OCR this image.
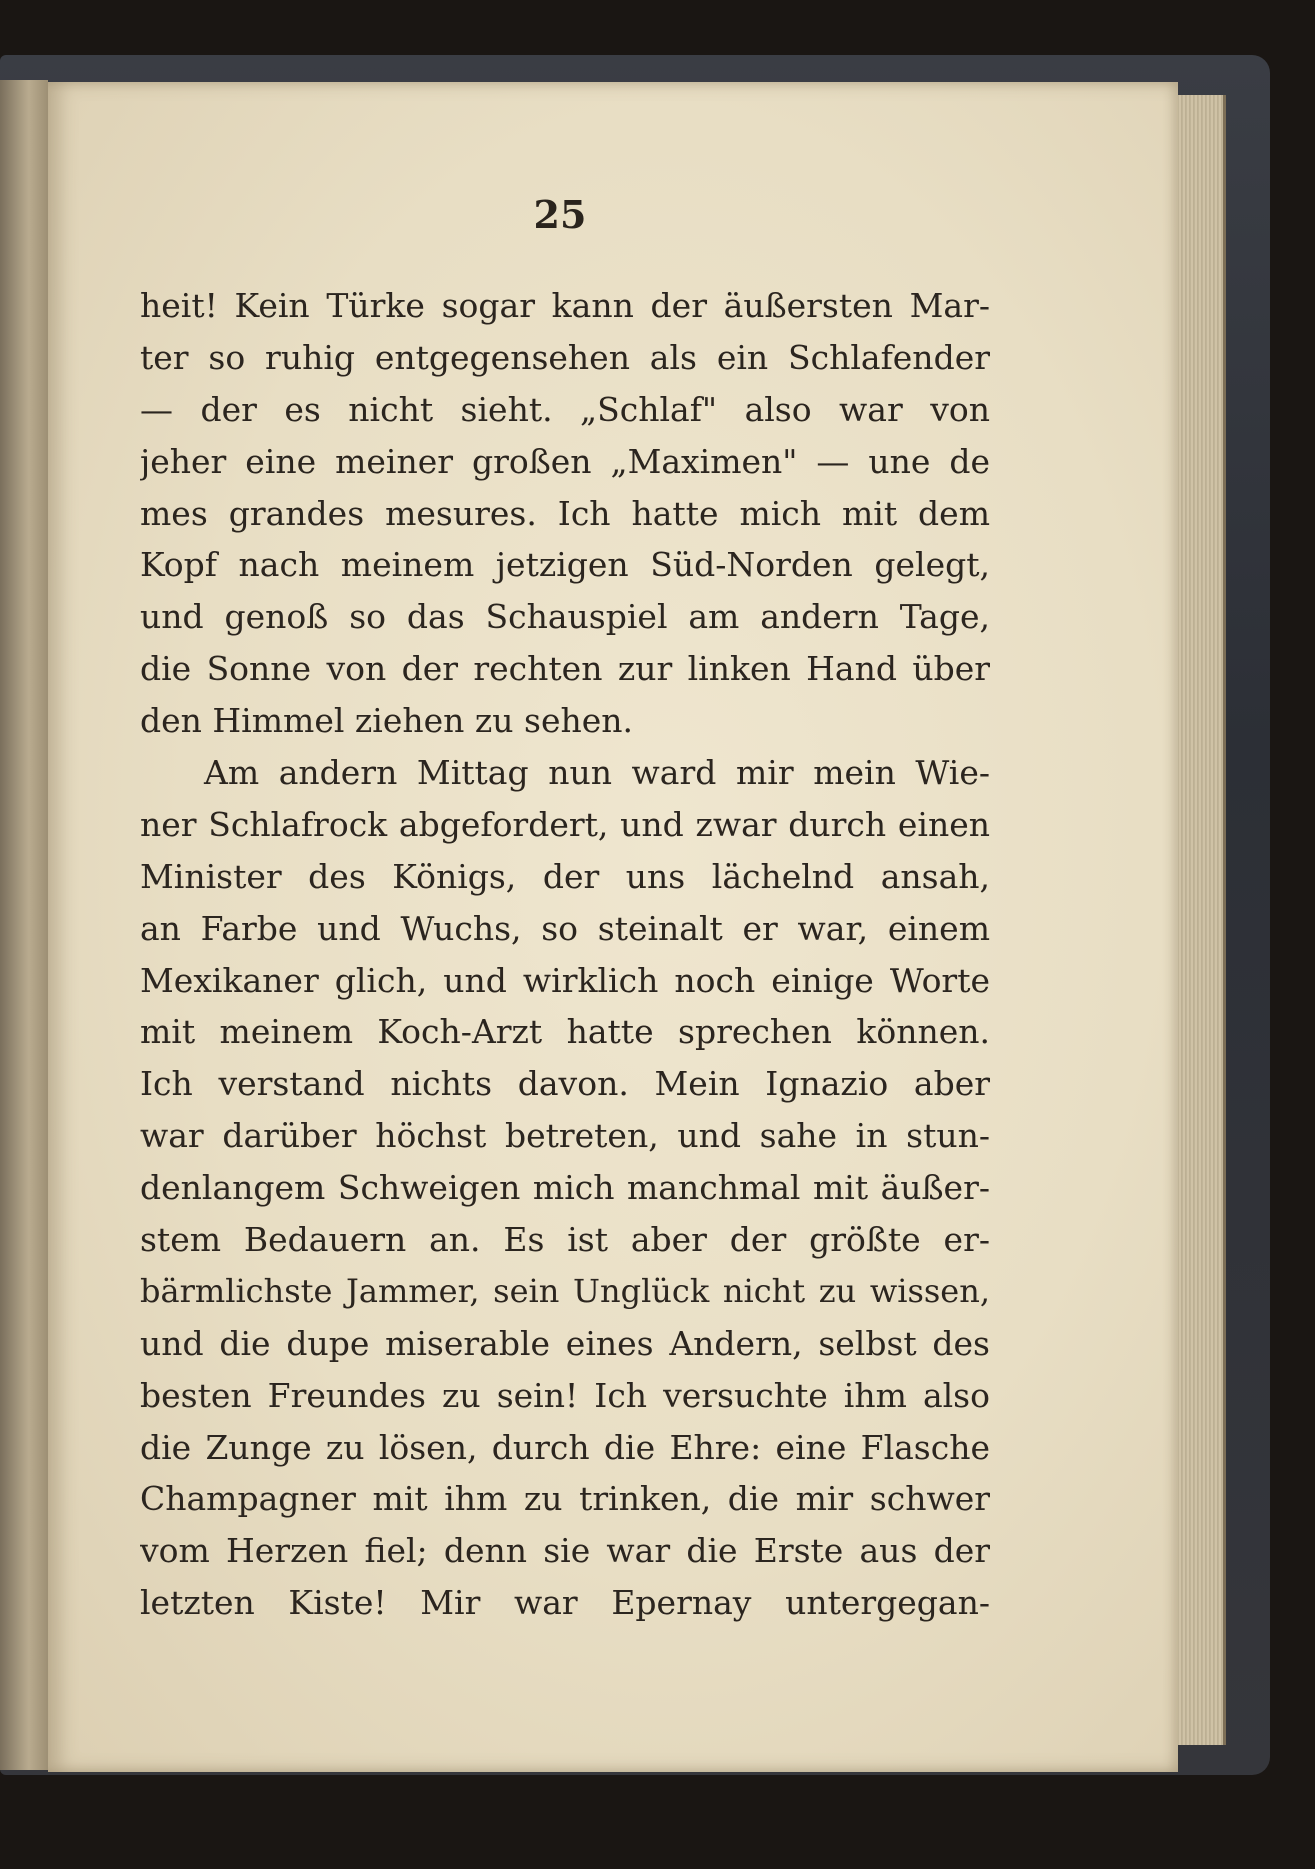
25
heit! Kein Türke sogar kann der äußersten Mar-
ter so ruhig entgegensehen als ein Schlafender
— der es nicht sieht. „Schlaf" also war von
jeher eine meiner großen „Maximen" — une de
mes grandes mesures. Ich hatte mich mit dem
Kopf nach meinem jetzigen Süd-Norden gelegt,
und genoß so das Schauspiel am andern Tage,
die Sonne von der rechten zur linken Hand über
den Himmel ziehen zu sehen.
Am andern Mittag nun ward mir mein Wie-
ner Schlafrock abgefordert, und zwar durch einen
Minister des Königs, der uns lächelnd ansah,
an Farbe und Wuchs, so steinalt er war, einem
Mexikaner glich, und wirklich noch einige Worte
mit meinem Koch-Arzt hatte sprechen können.
Ich verstand nichts davon. Mein Ignazio aber
war darüber höchst betreten, und sahe in stun-
denlangem Schweigen mich manchmal mit äußer-
stem Bedauern an. Es ist aber der größte er-
bärmlichste Jammer, sein Unglück nicht zu wissen,
und die dupe miserable eines Andern, selbst des
besten Freundes zu sein! Ich versuchte ihm also
die Zunge zu lösen, durch die Ehre: eine Flasche
Champagner mit ihm zu trinken, die mir schwer
vom Herzen fiel; denn sie war die Erste aus der
letzten Kiste! Mir war Epernay untergegan-
